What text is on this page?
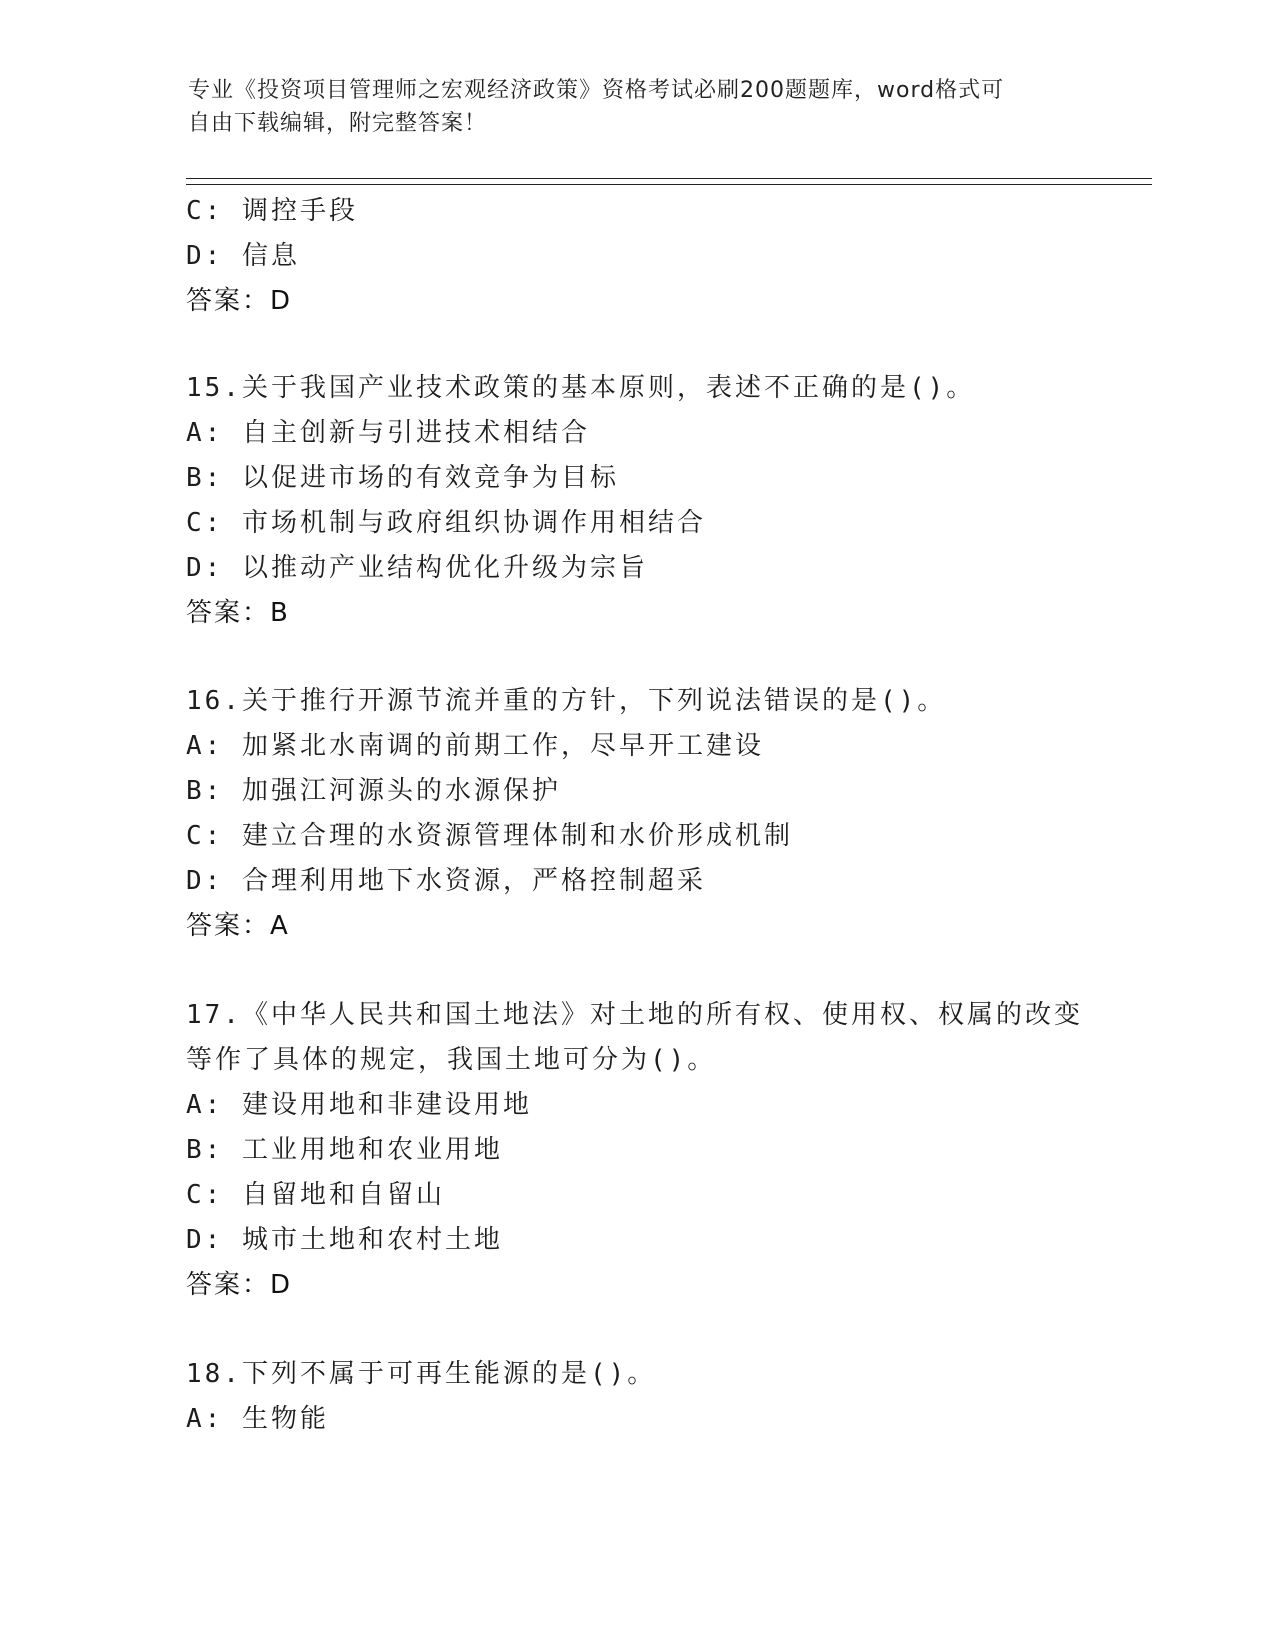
专业《投资项目管理师之宏观经济政策》资格考试必刷200题题库，word格式可
自由下载编辑，附完整答案！
C: 调控手段
D: 信息
答案：D
15.关于我国产业技术政策的基本原则，表述不正确的是()。
A: 自主创新与引进技术相结合
B: 以促进市场的有效竞争为目标
C: 市场机制与政府组织协调作用相结合
D: 以推动产业结构优化升级为宗旨
答案：B
16.关于推行开源节流并重的方针，下列说法错误的是()。
A: 加紧北水南调的前期工作，尽早开工建设
B: 加强江河源头的水源保护
C: 建立合理的水资源管理体制和水价形成机制
D: 合理利用地下水资源，严格控制超采
答案：A
17.《中华人民共和国土地法》对土地的所有权、使用权、权属的改变
等作了具体的规定，我国土地可分为()。
A: 建设用地和非建设用地
B: 工业用地和农业用地
C: 自留地和自留山
D: 城市土地和农村土地
答案：D
18.下列不属于可再生能源的是()。
A: 生物能
